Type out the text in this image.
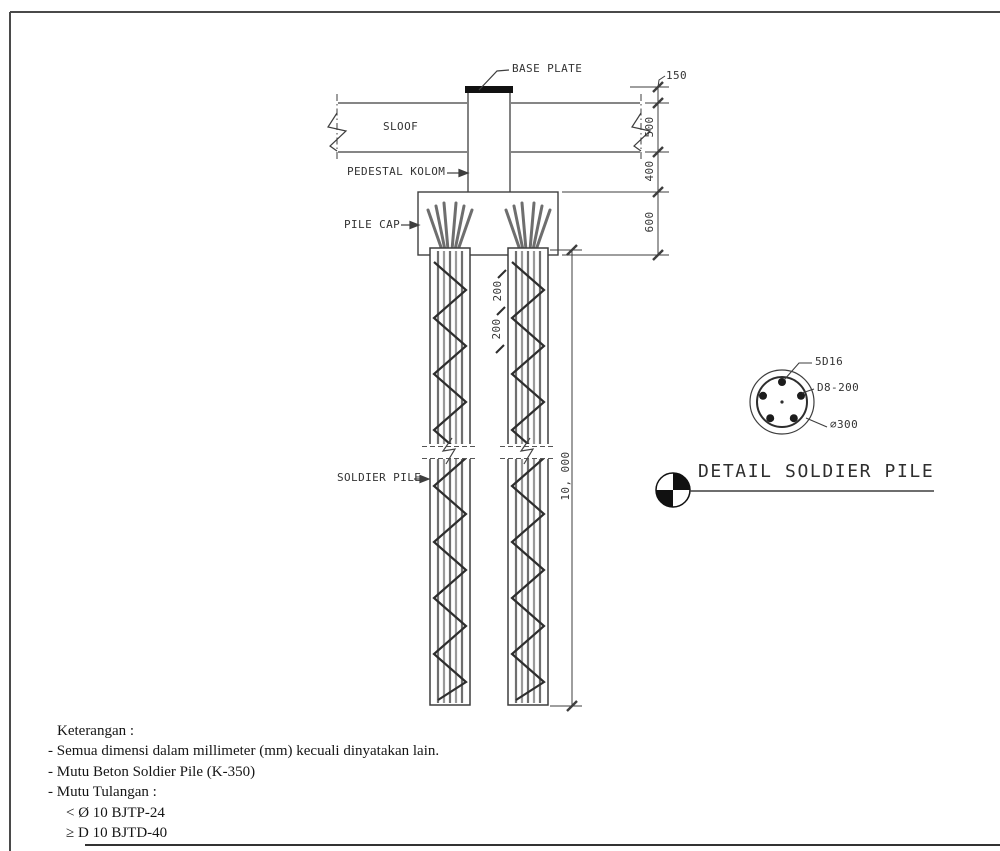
BASE PLATE
SLOOF
PEDESTAL KOLOM
PILE CAP
SOLDIER PILE
150
500
400
600
10, 000
200
200
5D16
D8-200
∅300
DETAIL SOLDIER PILE
Keterangan :
- Semua dimensi dalam millimeter (mm) kecuali dinyatakan lain.
- Mutu Beton Soldier Pile (K-350)
- Mutu Tulangan :
< Ø 10 BJTP-24
≥ D 10 BJTD-40
